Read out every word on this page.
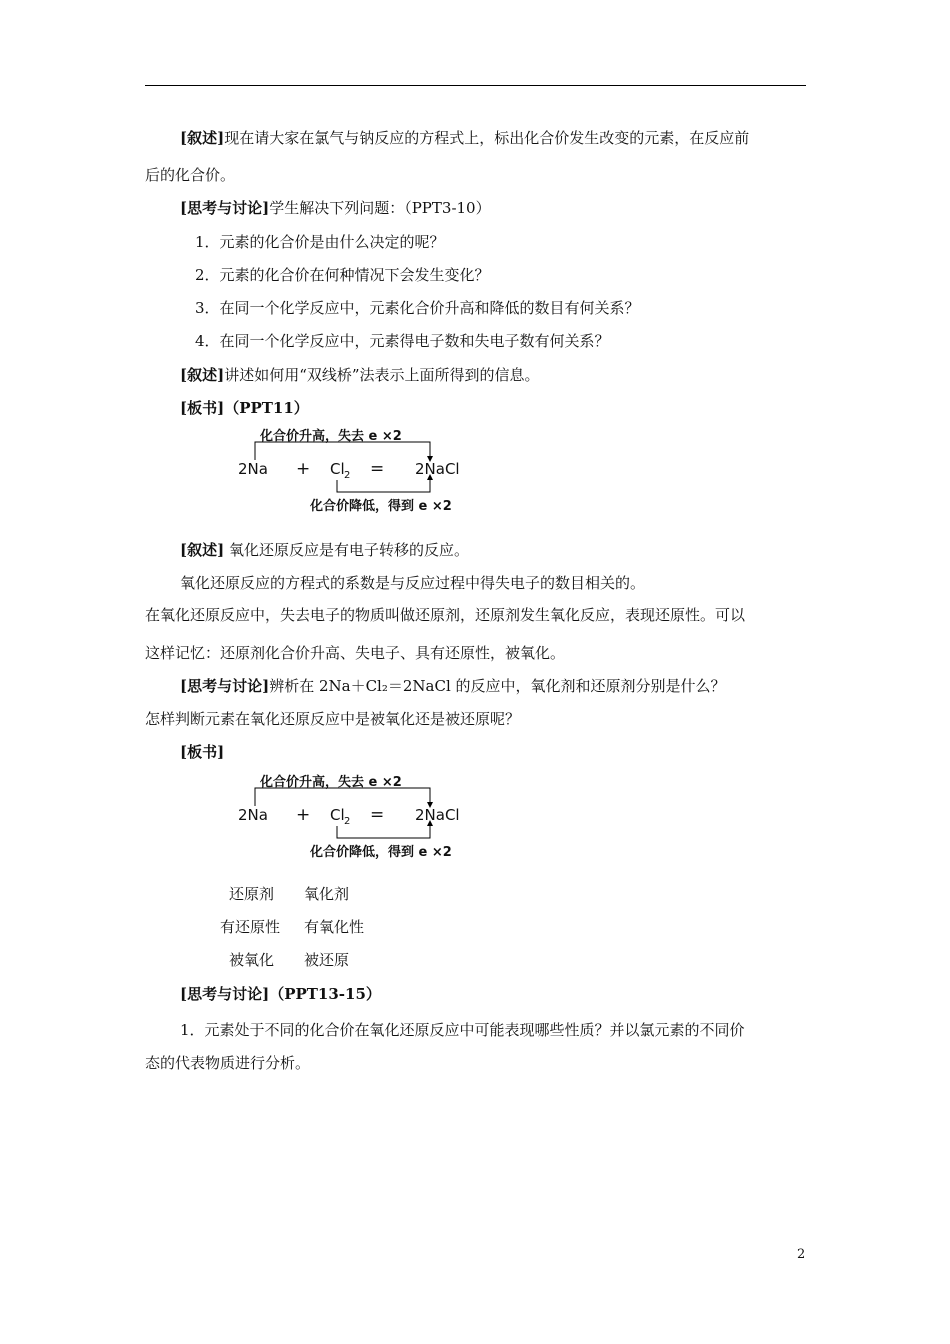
[叙述]现在请大家在氯气与钠反应的方程式上，标出化合价发生改变的元素，在反应前
后的化合价。
[思考与讨论]学生解决下列问题：（PPT3-10）
1．元素的化合价是由什么决定的呢？
2．元素的化合价在何种情况下会发生变化？
3．在同一个化学反应中，元素化合价升高和降低的数目有何关系？
4．在同一个化学反应中，元素得电子数和失电子数有何关系？
[叙述]讲述如何用“双线桥”法表示上面所得到的信息。
[板书]（PPT11）
化合价升高，失去 e ×2
2Na + Cl 2 = 2NaCl
化合价降低，得到 e ×2
[叙述] 氧化还原反应是有电子转移的反应。
氧化还原反应的方程式的系数是与反应过程中得失电子的数目相关的。
在氧化还原反应中，失去电子的物质叫做还原剂，还原剂发生氧化反应，表现还原性。可以
这样记忆：还原剂化合价升高、失电子、具有还原性，被氧化。
[思考与讨论]辨析在 2Na＋Cl₂＝2NaCl 的反应中，氧化剂和还原剂分别是什么？
怎样判断元素在氧化还原反应中是被氧化还是被还原呢？
[板书]
化合价升高，失去 e ×2
2Na + Cl 2 = 2NaCl
化合价降低，得到 e ×2
还原剂 氧化剂
有还原性 有氧化性
被氧化 被还原
[思考与讨论]（PPT13-15）
1．元素处于不同的化合价在氧化还原反应中可能表现哪些性质？并以氯元素的不同价
态的代表物质进行分析。
2
